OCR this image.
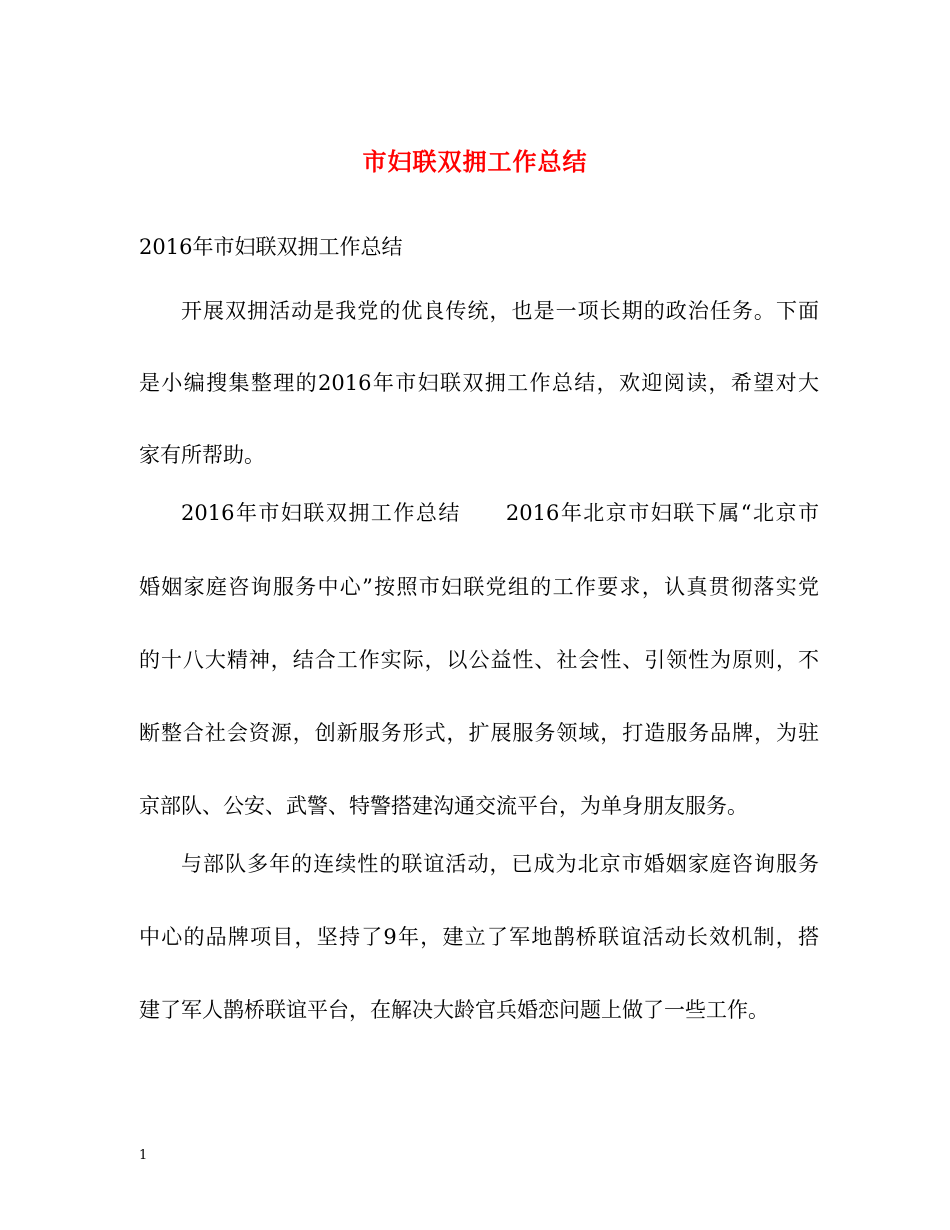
市妇联双拥工作总结

2016年市妇联双拥工作总结

开展双拥活动是我党的优良传统，也是一项长期的政治任务。下面

是小编搜集整理的2016年市妇联双拥工作总结，欢迎阅读，希望对大

家有所帮助。

2016年市妇联双拥工作总结　　2016年北京市妇联下属“北京市

婚姻家庭咨询服务中心”按照市妇联党组的工作要求，认真贯彻落实党

的十八大精神，结合工作实际，以公益性、社会性、引领性为原则，不

断整合社会资源，创新服务形式，扩展服务领域，打造服务品牌，为驻

京部队、公安、武警、特警搭建沟通交流平台，为单身朋友服务。

与部队多年的连续性的联谊活动，已成为北京市婚姻家庭咨询服务

中心的品牌项目，坚持了9年，建立了军地鹊桥联谊活动长效机制，搭

建了军人鹊桥联谊平台，在解决大龄官兵婚恋问题上做了一些工作。

1
